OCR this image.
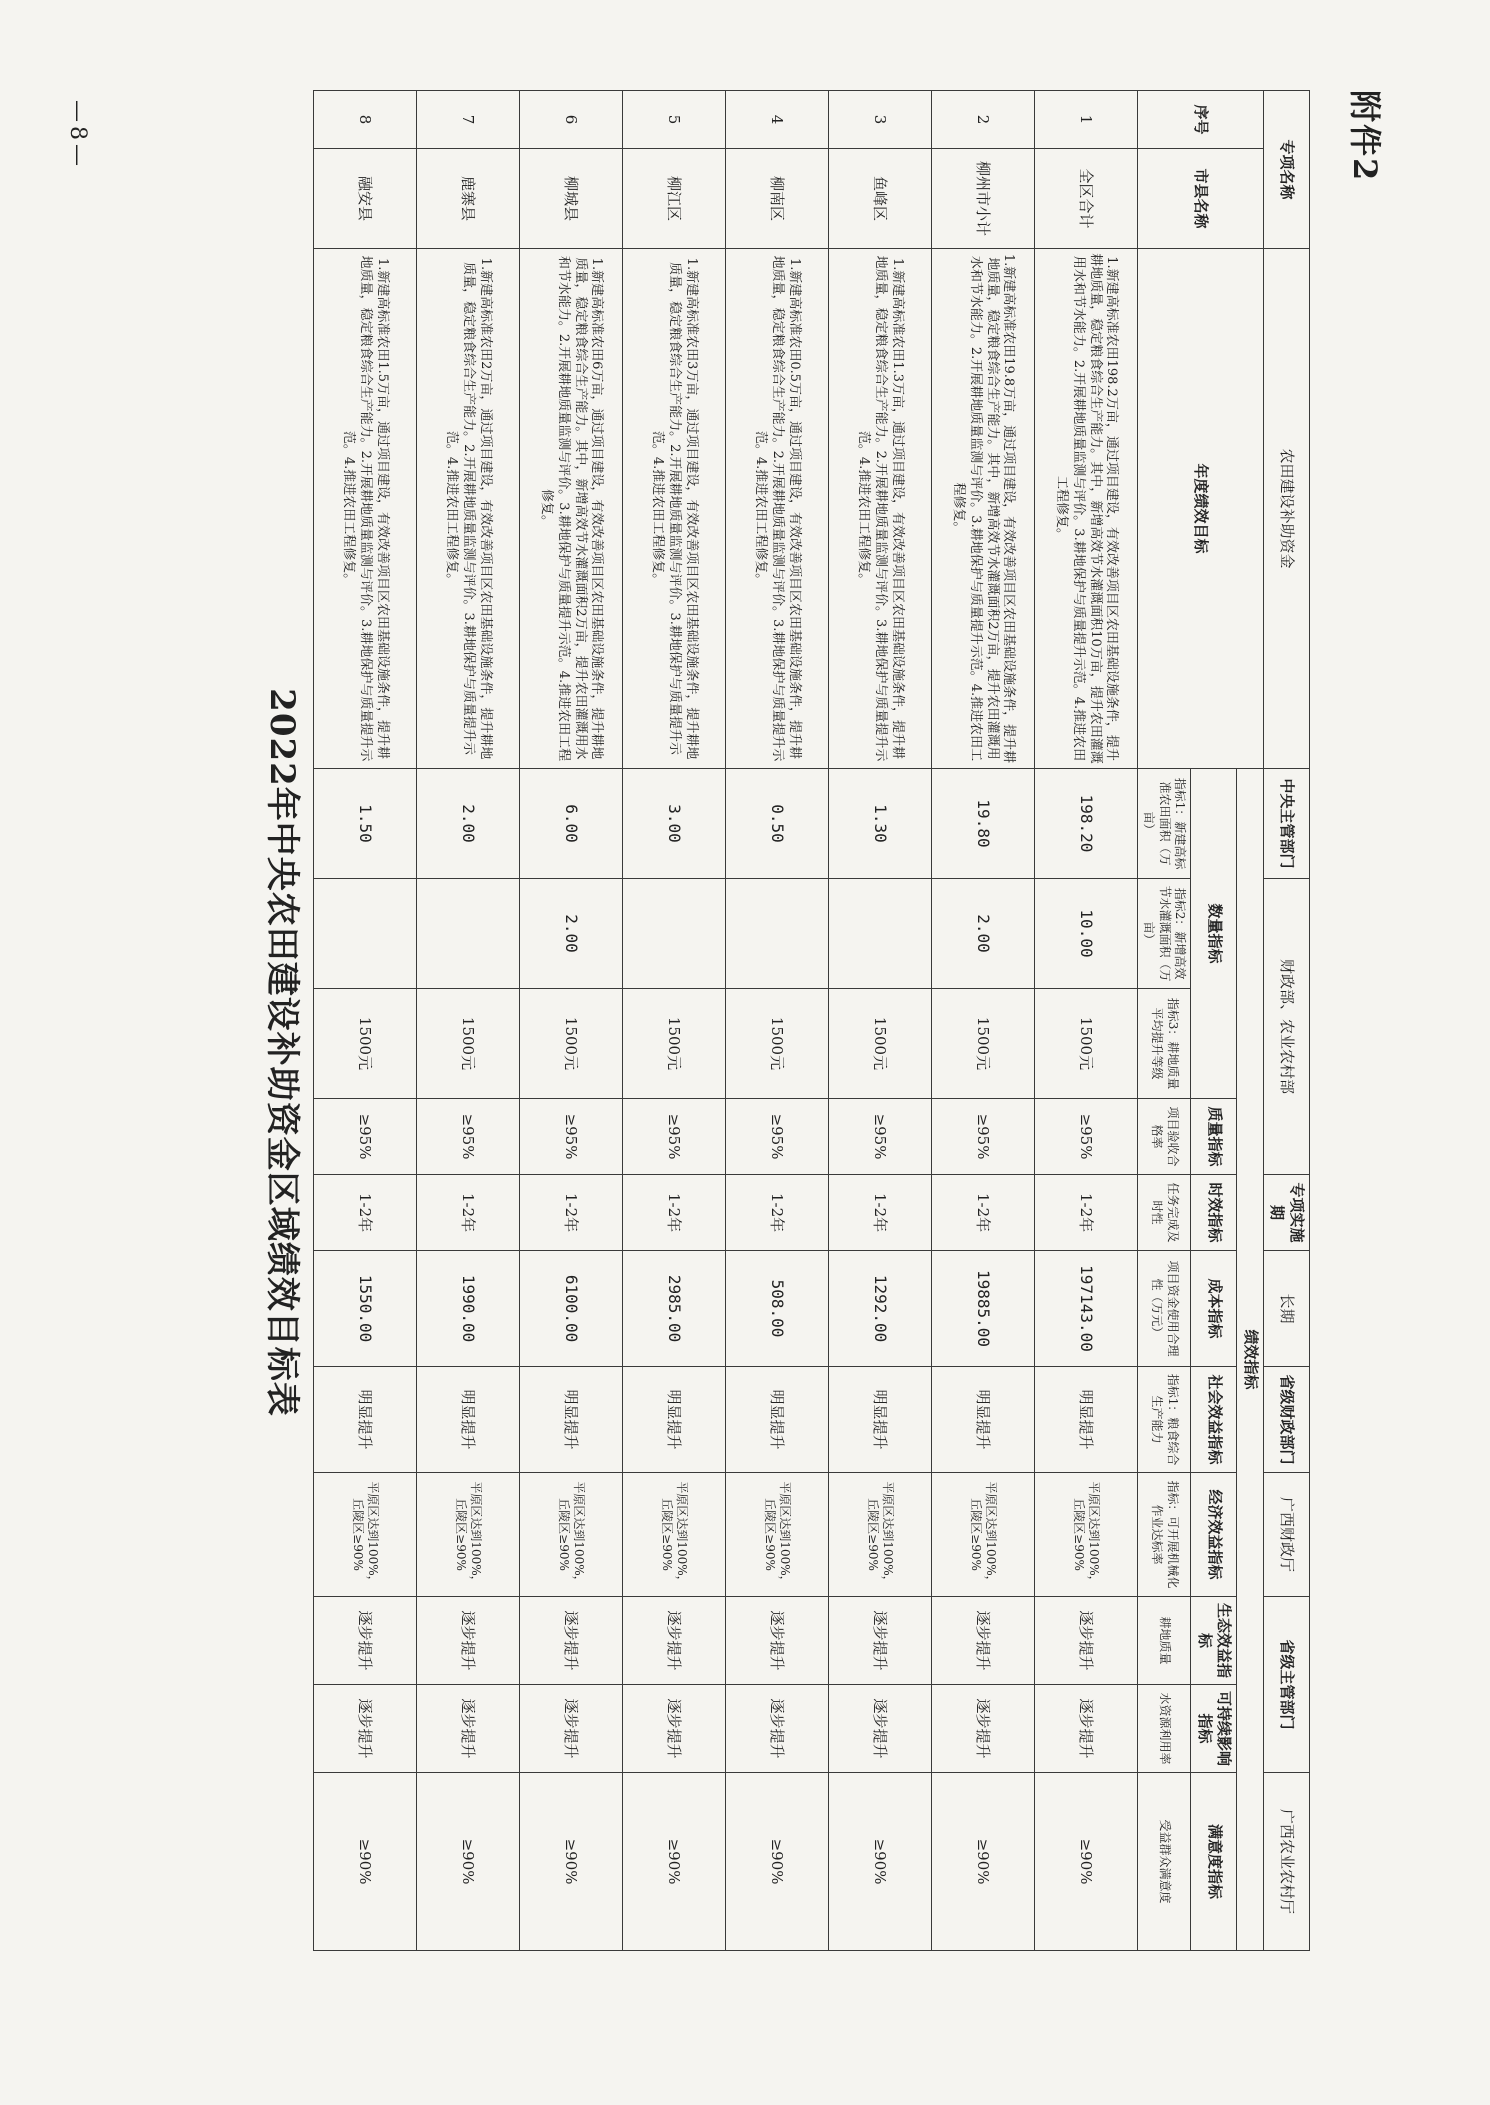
附件2
—8—	专项名称		农田建设补助资金	中央主管部门	财政部、农业农村部			专项实施期	长期	省级财政部门	广西财政厅	省级主管部门		广西农业农村厅
序号	市县名称	年度绩效目标	绩效指标										
			数量指标			质量指标	时效指标	成本指标	社会效益指标	经济效益指标	生态效益指标	可持续影响指标	满意度指标
			指标1：新建高标准农田面积（万亩）	指标2：新增高效节水灌溉面积（万亩）	指标3：耕地质量平均提升等级	项目验收合格率	任务完成及时性	项目资金使用合理性（万元）	指标1：粮食综合生产能力	指标：可开展机械化作业达标率	耕地质量	水资源利用率	受益群众满意度
1	全区合计	1.新建高标准农田198.2万亩，通过项目建设，有效改善项目区农田基础设施条件，提升耕地质量，稳定粮食综合生产能力。其中，新增高效节水灌溉面积10万亩，提升农田灌溉用水和节水能力。2.开展耕地质量监测与评价。3.耕地保护与质量提升示范。4.推进农田工程修复。	198.20	10.00	1500元	≥95%	1-2年	197143.00	明显提升	平原区达到100%，丘陵区≥90%	逐步提升	逐步提升	≥90%
2	柳州市小计	1.新建高标准农田19.8万亩，通过项目建设，有效改善项目区农田基础设施条件，提升耕地质量，稳定粮食综合生产能力。其中，新增高效节水灌溉面积2万亩，提升农田灌溉用水和节水能力。2.开展耕地质量监测与评价。3.耕地保护与质量提升示范。4.推进农田工程修复。	19.80	2.00	1500元	≥95%	1-2年	19885.00	明显提升	平原区达到100%，丘陵区≥90%	逐步提升	逐步提升	≥90%
3	鱼峰区	1.新建高标准农田1.3万亩，通过项目建设，有效改善项目区农田基础设施条件，提升耕地质量，稳定粮食综合生产能力。2.开展耕地质量监测与评价。3.耕地保护与质量提升示范。4.推进农田工程修复。	1.30		1500元	≥95%	1-2年	1292.00	明显提升	平原区达到100%，丘陵区≥90%	逐步提升	逐步提升	≥90%
4	柳南区	1.新建高标准农田0.5万亩，通过项目建设，有效改善项目区农田基础设施条件，提升耕地质量，稳定粮食综合生产能力。2.开展耕地质量监测与评价。3.耕地保护与质量提升示范。4.推进农田工程修复。	0.50		1500元	≥95%	1-2年	508.00	明显提升	平原区达到100%，丘陵区≥90%	逐步提升	逐步提升	≥90%
5	柳江区	1.新建高标准农田3万亩，通过项目建设，有效改善项目区农田基础设施条件，提升耕地质量，稳定粮食综合生产能力。2.开展耕地质量监测与评价。3.耕地保护与质量提升示范。4.推进农田工程修复。	3.00		1500元	≥95%	1-2年	2985.00	明显提升	平原区达到100%，丘陵区≥90%	逐步提升	逐步提升	≥90%
6	柳城县	1.新建高标准农田6万亩，通过项目建设，有效改善项目区农田基础设施条件，提升耕地质量，稳定粮食综合生产能力。其中，新增高效节水灌溉面积2万亩，提升农田灌溉用水和节水能力。2.开展耕地质量监测与评价。3.耕地保护与质量提升示范。4.推进农田工程修复。	6.00	2.00	1500元	≥95%	1-2年	6100.00	明显提升	平原区达到100%，丘陵区≥90%	逐步提升	逐步提升	≥90%
7	鹿寨县	1.新建高标准农田2万亩，通过项目建设，有效改善项目区农田基础设施条件，提升耕地质量，稳定粮食综合生产能力。2.开展耕地质量监测与评价。3.耕地保护与质量提升示范。4.推进农田工程修复。	2.00		1500元	≥95%	1-2年	1990.00	明显提升	平原区达到100%，丘陵区≥90%	逐步提升	逐步提升	≥90%
8	融安县	1.新建高标准农田1.5万亩，通过项目建设，有效改善项目区农田基础设施条件，提升耕地质量，稳定粮食综合生产能力。2.开展耕地质量监测与评价。3.耕地保护与质量提升示范。4.推进农田工程修复。	1.50		1500元	≥95%	1-2年	1550.00	明显提升	平原区达到100%，丘陵区≥90%	逐步提升	逐步提升	≥90%
2022年中央农田建设补助资金区域绩效目标表
